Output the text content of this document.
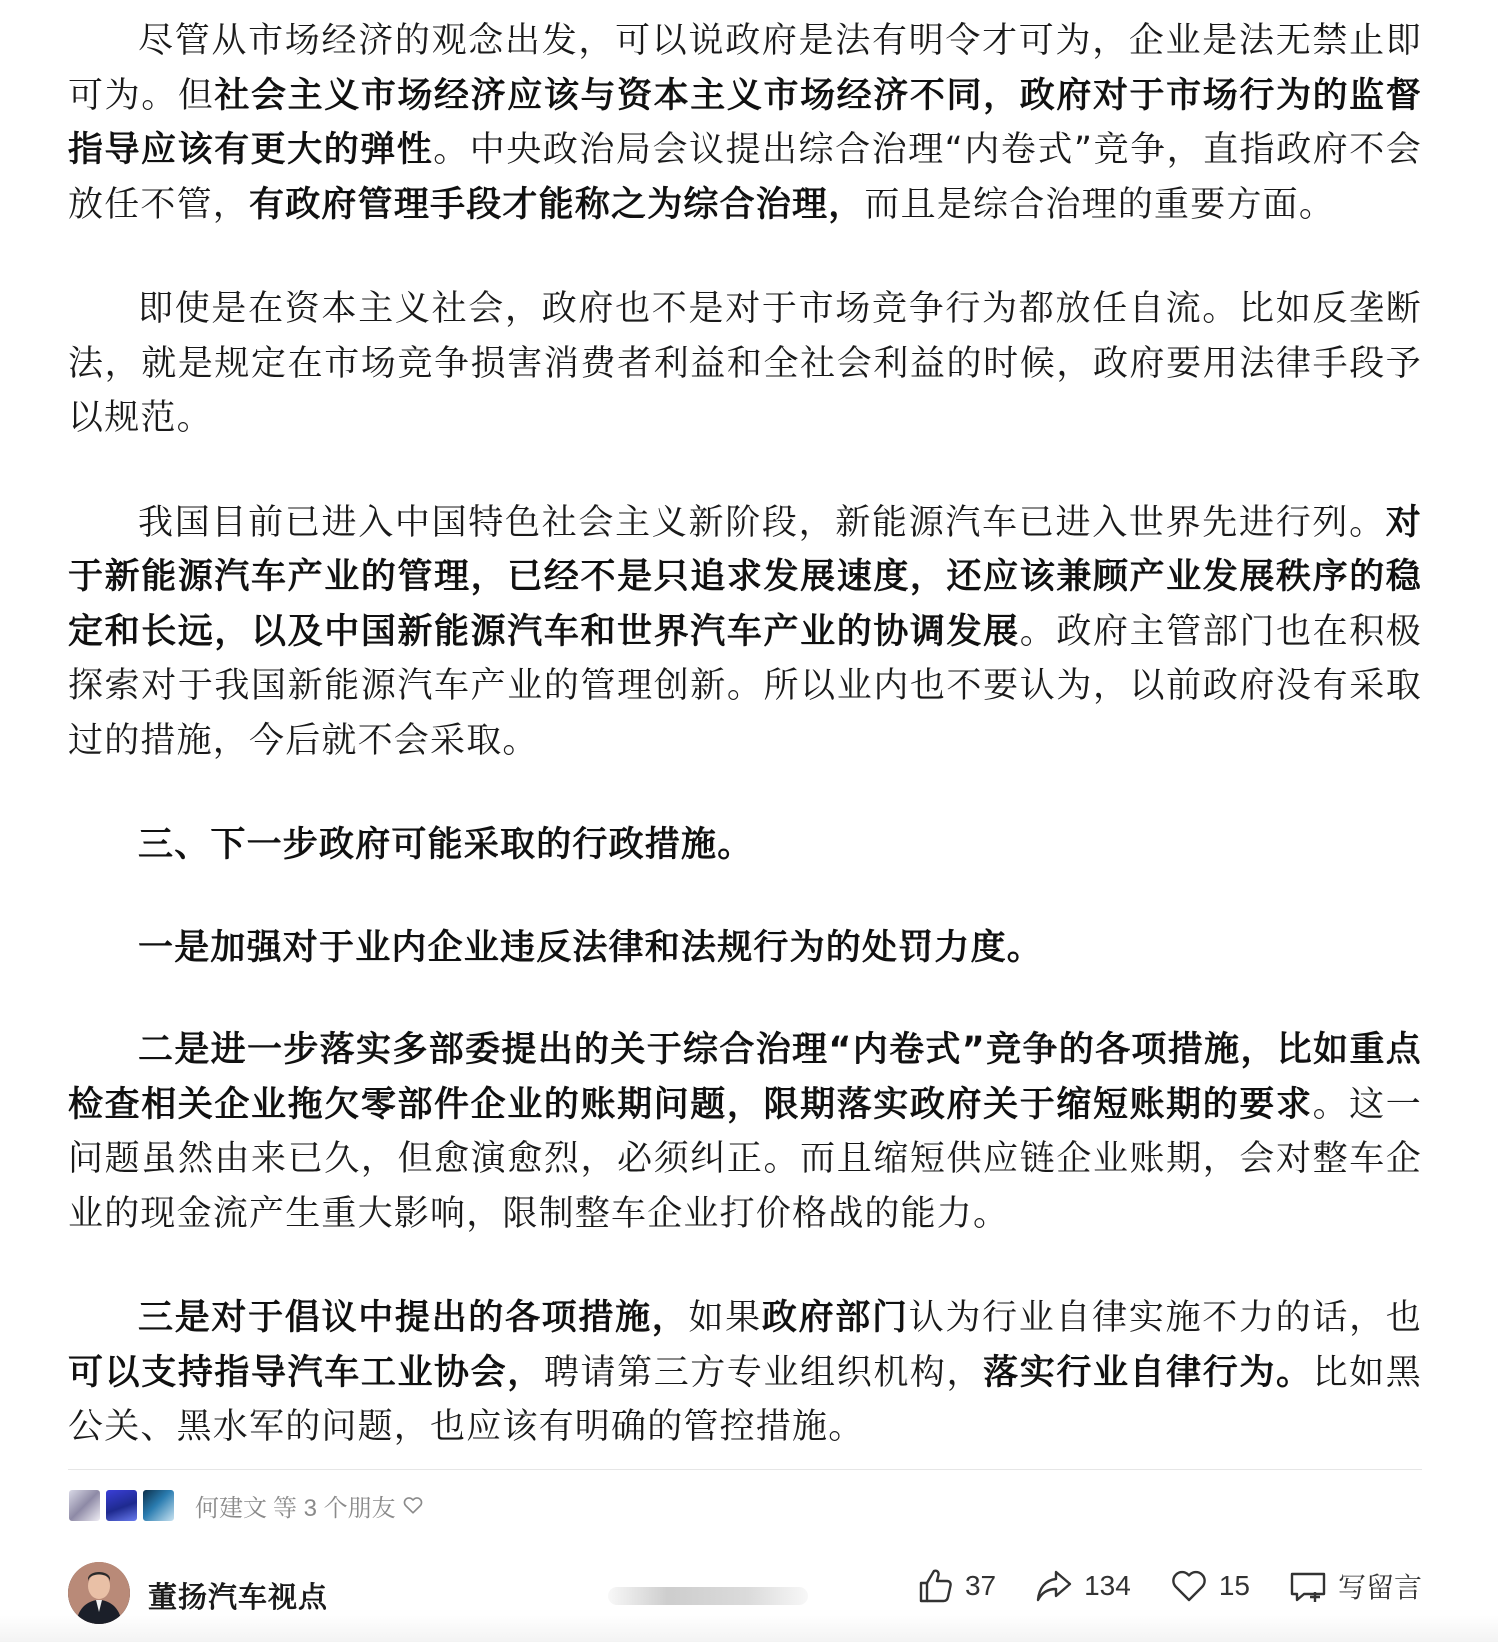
尽管从市场经济的观念出发，可以说政府是法有明令才可为，企业是法无禁止即可为。但社会主义市场经济应该与资本主义市场经济不同，政府对于市场行为的监督指导应该有更大的弹性。中央政治局会议提出综合治理“内卷式”竞争，直指政府不会放任不管，有政府管理手段才能称之为综合治理，而且是综合治理的重要方面。

即使是在资本主义社会，政府也不是对于市场竞争行为都放任自流。比如反垄断法，就是规定在市场竞争损害消费者利益和全社会利益的时候，政府要用法律手段予以规范。

我国目前已进入中国特色社会主义新阶段，新能源汽车已进入世界先进行列。对于新能源汽车产业的管理，已经不是只追求发展速度，还应该兼顾产业发展秩序的稳定和长远，以及中国新能源汽车和世界汽车产业的协调发展。政府主管部门也在积极探索对于我国新能源汽车产业的管理创新。所以业内也不要认为，以前政府没有采取过的措施，今后就不会采取。

三、下一步政府可能采取的行政措施。

一是加强对于业内企业违反法律和法规行为的处罚力度。

二是进一步落实多部委提出的关于综合治理“内卷式”竞争的各项措施，比如重点检查相关企业拖欠零部件企业的账期问题，限期落实政府关于缩短账期的要求。这一问题虽然由来已久，但愈演愈烈，必须纠正。而且缩短供应链企业账期，会对整车企业的现金流产生重大影响，限制整车企业打价格战的能力。

三是对于倡议中提出的各项措施，如果政府部门认为行业自律实施不力的话，也可以支持指导汽车工业协会，聘请第三方专业组织机构，落实行业自律行为。比如黑公关、黑水军的问题，也应该有明确的管控措施。

何建文 等 3 个朋友
董扬汽车视点	37	134	15	写留言
